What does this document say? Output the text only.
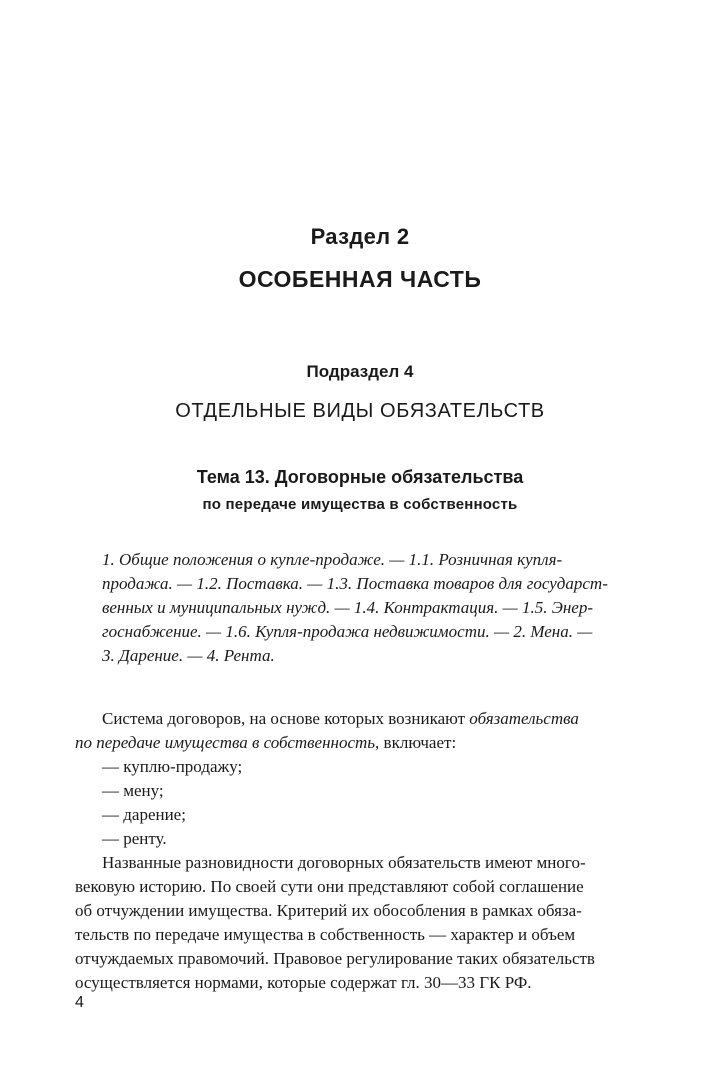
Раздел 2
ОСОБЕННАЯ ЧАСТЬ
Подраздел 4
ОТДЕЛЬНЫЕ ВИДЫ ОБЯЗАТЕЛЬСТВ
Тема 13. Договорные обязательства
по передаче имущества в собственность
1. Общие положения о купле-продаже. — 1.1. Розничная купля-
продажа. — 1.2. Поставка. — 1.3. Поставка товаров для государст-
венных и муниципальных нужд. — 1.4. Контрактация. — 1.5. Энер-
госнабжение. — 1.6. Купля-продажа недвижимости. — 2. Мена. —
3. Дарение. — 4. Рента.
Система договоров, на основе которых возникают обязательства
по передаче имущества в собственность, включает:
— куплю-продажу;
— мену;
— дарение;
— ренту.
Названные разновидности договорных обязательств имеют много-
вековую историю. По своей сути они представляют собой соглашение
об отчуждении имущества. Критерий их обособления в рамках обяза-
тельств по передаче имущества в собственность — характер и объем
отчуждаемых правомочий. Правовое регулирование таких обязательств
осуществляется нормами, которые содержат гл. 30—33 ГК РФ.
4
